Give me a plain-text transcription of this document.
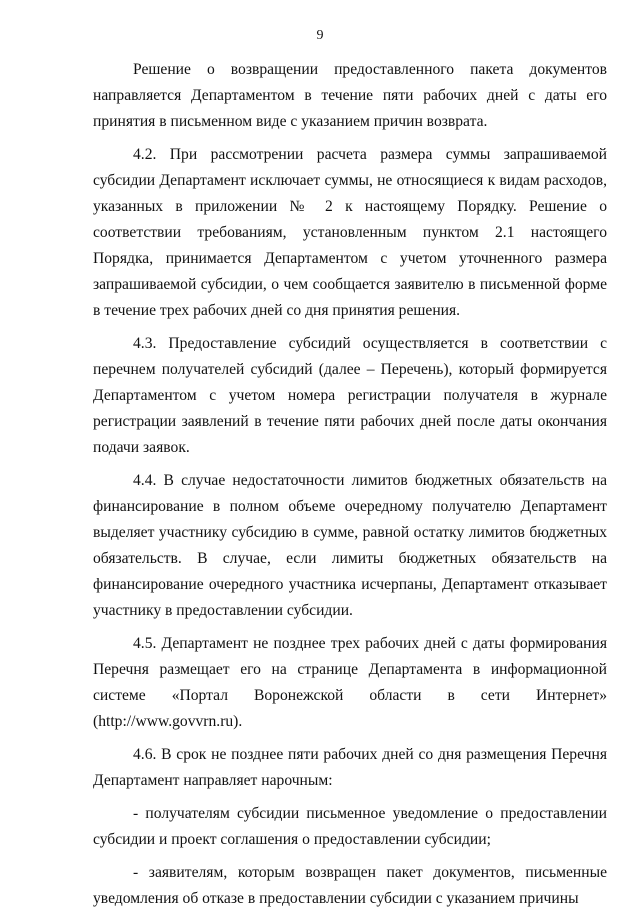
9

Решение о возвращении предоставленного пакета документов направляется Департаментом в течение пяти рабочих дней с даты его принятия в письменном виде с указанием причин возврата.

4.2. При рассмотрении расчета размера суммы запрашиваемой субсидии Департамент исключает суммы, не относящиеся к видам расходов, указанных в приложении № 2 к настоящему Порядку. Решение о соответствии требованиям, установленным пунктом 2.1 настоящего Порядка, принимается Департаментом с учетом уточненного размера запрашиваемой субсидии, о чем сообщается заявителю в письменной форме в течение трех рабочих дней со дня принятия решения.

4.3. Предоставление субсидий осуществляется в соответствии с перечнем получателей субсидий (далее – Перечень), который формируется Департаментом с учетом номера регистрации получателя в журнале регистрации заявлений в течение пяти рабочих дней после даты окончания подачи заявок.

4.4. В случае недостаточности лимитов бюджетных обязательств на финансирование в полном объеме очередному получателю Департамент выделяет участнику субсидию в сумме, равной остатку лимитов бюджетных обязательств. В случае, если лимиты бюджетных обязательств на финансирование очередного участника исчерпаны, Департамент отказывает участнику в предоставлении субсидии.

4.5. Департамент не позднее трех рабочих дней с даты формирования Перечня размещает его на странице Департамента в информационной системе «Портал Воронежской области в сети Интернет» (http://www.govvrn.ru).

4.6. В срок не позднее пяти рабочих дней со дня размещения Перечня Департамент направляет нарочным:

- получателям субсидии письменное уведомление о предоставлении субсидии и проект соглашения о предоставлении субсидии;

- заявителям, которым возвращен пакет документов, письменные уведомления об отказе в предоставлении субсидии с указанием причины
